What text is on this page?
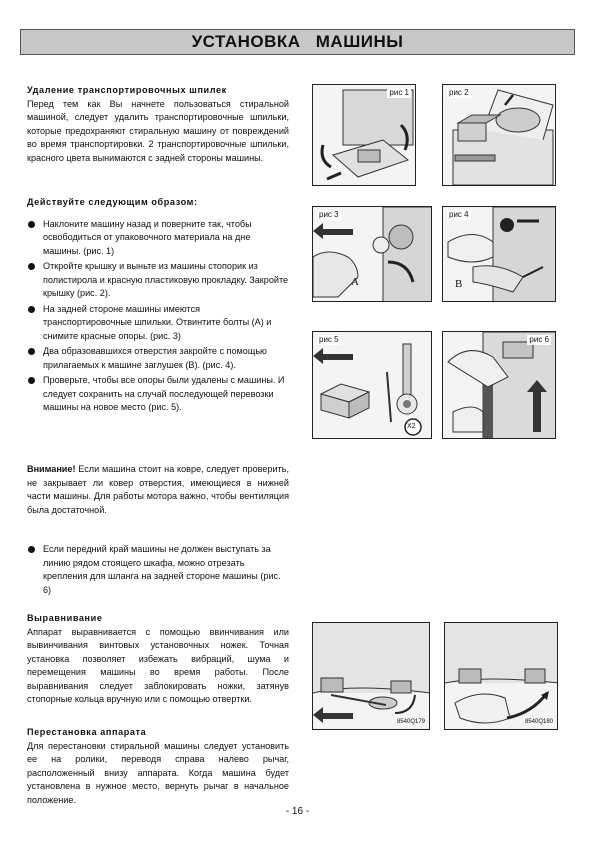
УСТАНОВКА МАШИНЫ
Удаление транспортировочных шпилек

Перед тем как Вы начнете пользоваться стиральной машиной, следует удалить транспортировочные шпильки, которые предохраняют стиральную машину от повреждений во время транспортировки. 2 транспортировочные шпильки, красного цвета вынимаются с задней стороны машины.

Действуйте следующим образом:
Наклоните машину назад и поверните так, чтобы освободиться от упаковочного материала на дне машины. (рис. 1)
Откройте крышку и выньте из машины стопорик из полистирола и красную пластиковую прокладку. Закройте крышку (рис. 2).
На задней стороне машины имеются транспортировочные шпильки. Отвинтите болты (A) и снимите красные опоры. (рис. 3)
Два образовавшихся отверстия закройте с помощью прилагаемых к машине заглушек (B). (рис. 4).
Проверьте, чтобы все опоры были удалены с машины. И следует сохранить на случай последующей перевозки машины на новое место (рис. 5).

Внимание! Если машина стоит на ковре, следует проверить, не закрывает ли ковер отверстия, имеющиеся в нижней части машины. Для работы мотора важно, чтобы вентиляция была достаточной.

Если передний край машины не должен выступать за линию рядом стоящего шкафа, можно отрезать крепления для шланга на задней стороне машины (рис. 6)
Выравнивание

Аппарат выравнивается с помощью ввинчивания или вывинчивания винтовых установочных ножек. Точная установка позволяет избежать вибраций, шума и перемещения машины во время работы. После выравнивания следует заблокировать ножки, затянув стопорные кольца вручную или с помощью отвертки.

Перестановка аппарата

Для перестановки стиральной машины следует установить ее на ролики, переводя справа налево рычаг, расположенный внизу аппарата. Когда машина будет установлена в нужное место, вернуть рычаг в начальное положение.

рис 1	рис 2
рис 3
A
рис 4
B
рис 5
X2
рис 6
8540Q179	8540Q180
- 16 -
